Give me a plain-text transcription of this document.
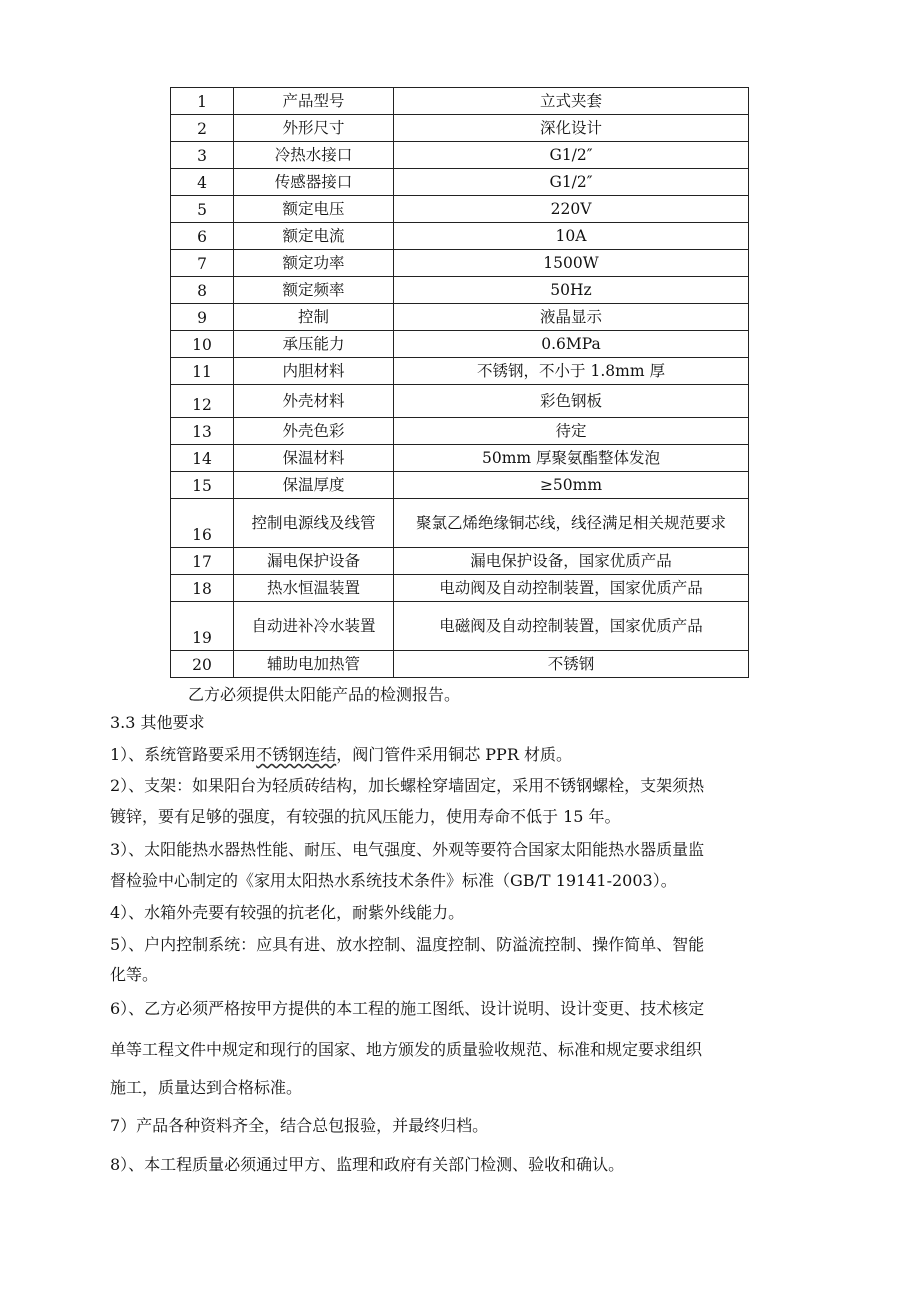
1	产品型号	立式夹套
2	外形尺寸	深化设计
3	冷热水接口	G1/2″
4	传感器接口	G1/2″
5	额定电压	220V
6	额定电流	10A
7	额定功率	1500W
8	额定频率	50Hz
9	控制	液晶显示
10	承压能力	0.6MPa
11	内胆材料	不锈钢，不小于 1.8mm 厚
12	外壳材料	彩色钢板
13	外壳色彩	待定
14	保温材料	50mm 厚聚氨酯整体发泡
15	保温厚度	≥50mm
16	控制电源线及线管	聚氯乙烯绝缘铜芯线，线径满足相关规范要求
17	漏电保护设备	漏电保护设备，国家优质产品
18	热水恒温装置	电动阀及自动控制装置，国家优质产品
19	自动进补冷水装置	电磁阀及自动控制装置，国家优质产品
20	辅助电加热管	不锈钢
乙方必须提供太阳能产品的检测报告。
3.3 其他要求
1）、系统管路要采用不锈钢连结，阀门管件采用铜芯 PPR 材质。
2）、支架：如果阳台为轻质砖结构，加长螺栓穿墙固定，采用不锈钢螺栓，支架须热
镀锌，要有足够的强度，有较强的抗风压能力，使用寿命不低于 15 年。
3）、太阳能热水器热性能、耐压、电气强度、外观等要符合国家太阳能热水器质量监
督检验中心制定的《家用太阳热水系统技术条件》标准（GB/T 19141-2003）。
4）、水箱外壳要有较强的抗老化，耐紫外线能力。
5）、户内控制系统：应具有进、放水控制、温度控制、防溢流控制、操作简单、智能
化等。
6）、乙方必须严格按甲方提供的本工程的施工图纸、设计说明、设计变更、技术核定
单等工程文件中规定和现行的国家、地方颁发的质量验收规范、标准和规定要求组织
施工，质量达到合格标准。
7）产品各种资料齐全，结合总包报验，并最终归档。
8）、本工程质量必须通过甲方、监理和政府有关部门检测、验收和确认。
